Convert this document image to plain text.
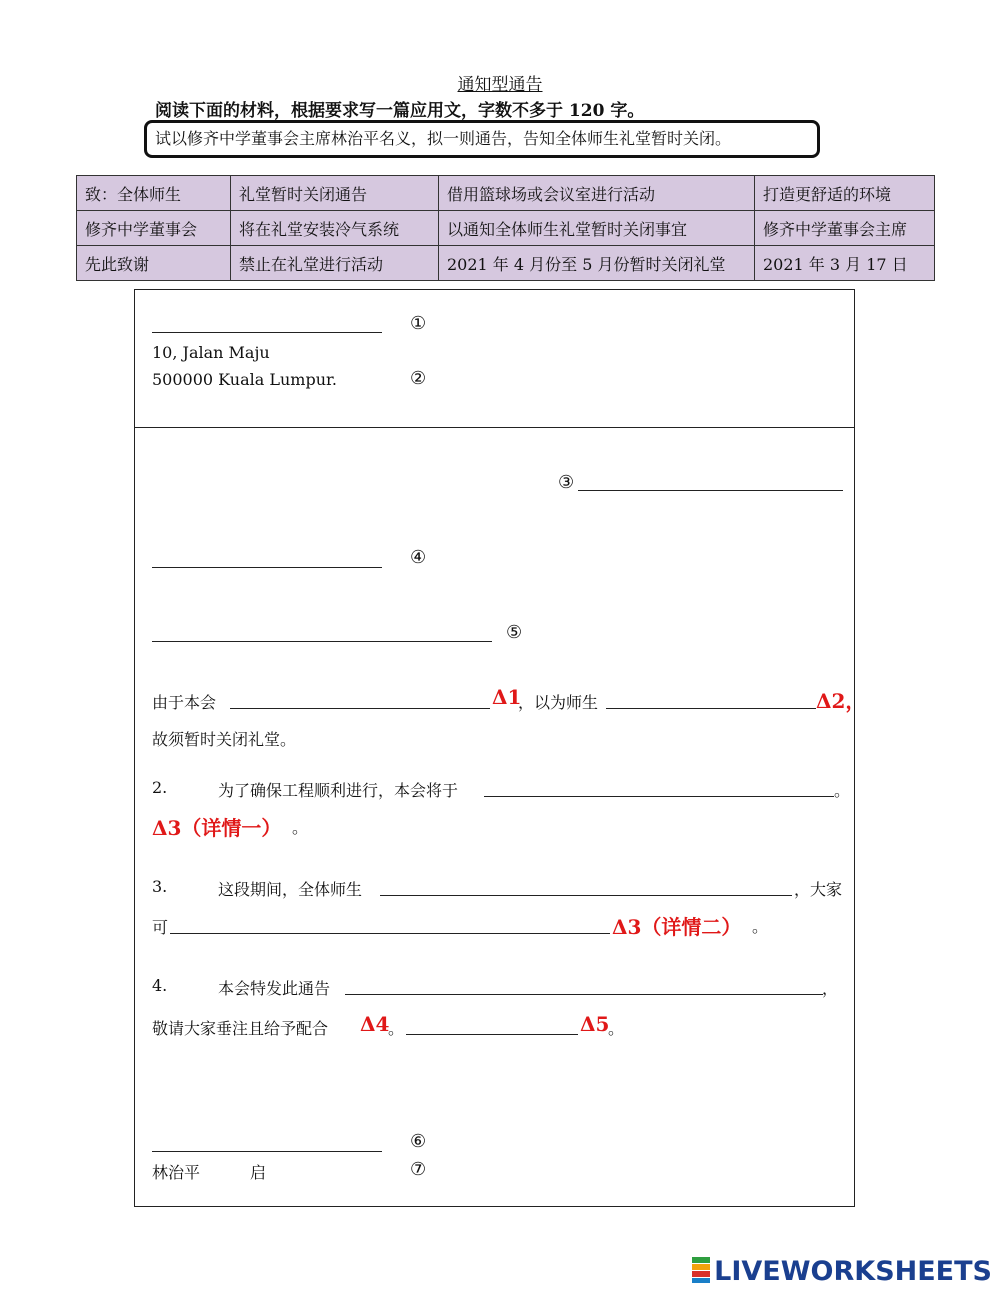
通知型通告
阅读下面的材料，根据要求写一篇应用文，字数不多于 120 字。
试以修齐中学董事会主席林治平名义，拟一则通告，告知全体师生礼堂暂时关闭。
致：全体师生	礼堂暂时关闭通告	借用篮球场或会议室进行活动	打造更舒适的环境
修齐中学董事会	将在礼堂安装冷气系统	以通知全体师生礼堂暂时关闭事宜	修齐中学董事会主席
先此致谢	禁止在礼堂进行活动	2021 年 4 月份至 5 月份暂时关闭礼堂	2021 年 3 月 17 日
①
10, Jalan Maju
500000 Kuala Lumpur.	②
③
④
⑤
由于本会	Δ1
，以为师生	Δ2，
故须暂时关闭礼堂。
2.	为了确保工程顺利进行，本会将于	。
Δ3（详情一） 。
3.	这段期间，全体师生	，大家
可	Δ3（详情二） 。
4.	本会特发此通告	，
敬请大家垂注且给予配合 Δ4
。	Δ5
。
⑥
林治平	启	⑦
LIVEWORKSHEETS
